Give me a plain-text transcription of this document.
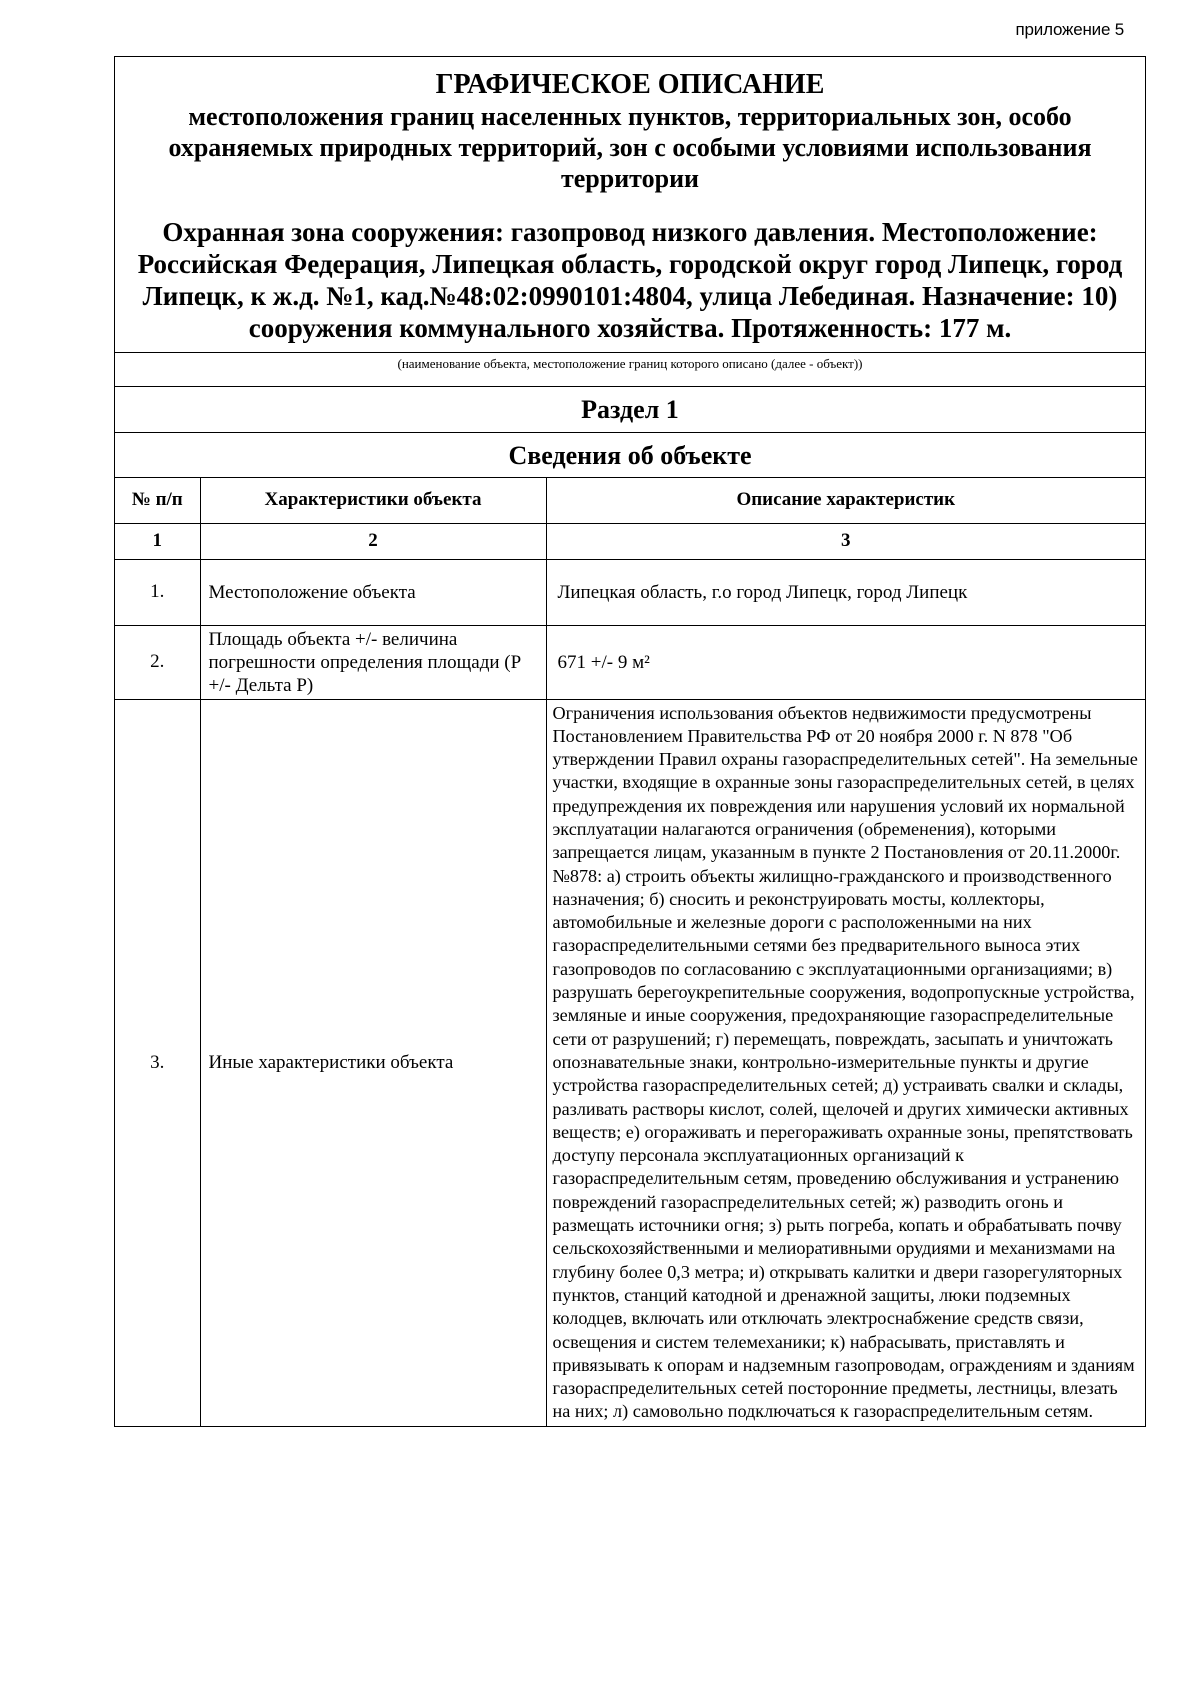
приложение 5
ГРАФИЧЕСКОЕ ОПИСАНИЕ
местоположения границ населенных пунктов, территориальных зон, особо охраняемых природных территорий, зон с особыми условиями использования территории
Охранная зона сооружения: газопровод низкого давления. Местоположение: Российская Федерация, Липецкая область, городской округ город Липецк, город Липецк, к ж.д. №1, кад.№48:02:0990101:4804, улица Лебединая. Назначение: 10) сооружения коммунального хозяйства. Протяженность: 177 м.
(наименование объекта, местоположение границ которого описано (далее - объект))
Раздел 1
Сведения об объекте
№ п/п	Характеристики объекта	Описание характеристик
1	2	3
1.	Местоположение объекта	Липецкая область, г.о город Липецк, город Липецк
2.	Площадь объекта +/- величина погрешности определения площади (Р +/- Дельта Р)	671 +/- 9 м²
3.	Иные характеристики объекта	Ограничения использования объектов недвижимости предусмотрены Постановлением Правительства РФ от 20 ноября 2000 г. N 878 "Об утверждении Правил охраны газораспределительных сетей". На земельные участки, входящие в охранные зоны газораспределительных сетей, в целях предупреждения их повреждения или нарушения условий их нормальной эксплуатации налагаются ограничения (обременения), которыми запрещается лицам, указанным в пункте 2 Постановления от 20.11.2000г. №878: а) строить объекты жилищно-гражданского и производственного назначения; б) сносить и реконструировать мосты, коллекторы, автомобильные и железные дороги с расположенными на них газораспределительными сетями без предварительного выноса этих газопроводов по согласованию с эксплуатационными организациями; в) разрушать берегоукрепительные сооружения, водопропускные устройства, земляные и иные сооружения, предохраняющие газораспределительные сети от разрушений; г) перемещать, повреждать, засыпать и уничтожать опознавательные знаки, контрольно-измерительные пункты и другие устройства газораспределительных сетей; д) устраивать свалки и склады, разливать растворы кислот, солей, щелочей и других химически активных веществ; е) огораживать и перегораживать охранные зоны, препятствовать доступу персонала эксплуатационных организаций к газораспределительным сетям, проведению обслуживания и устранению повреждений газораспределительных сетей; ж) разводить огонь и размещать источники огня; з) рыть погреба, копать и обрабатывать почву сельскохозяйственными и мелиоративными орудиями и механизмами на глубину более 0,3 метра; и) открывать калитки и двери газорегуляторных пунктов, станций катодной и дренажной защиты, люки подземных колодцев, включать или отключать электроснабжение средств связи, освещения и систем телемеханики; к) набрасывать, приставлять и привязывать к опорам и надземным газопроводам, ограждениям и зданиям газораспределительных сетей посторонние предметы, лестницы, влезать на них; л) самовольно подключаться к газораспределительным сетям.
